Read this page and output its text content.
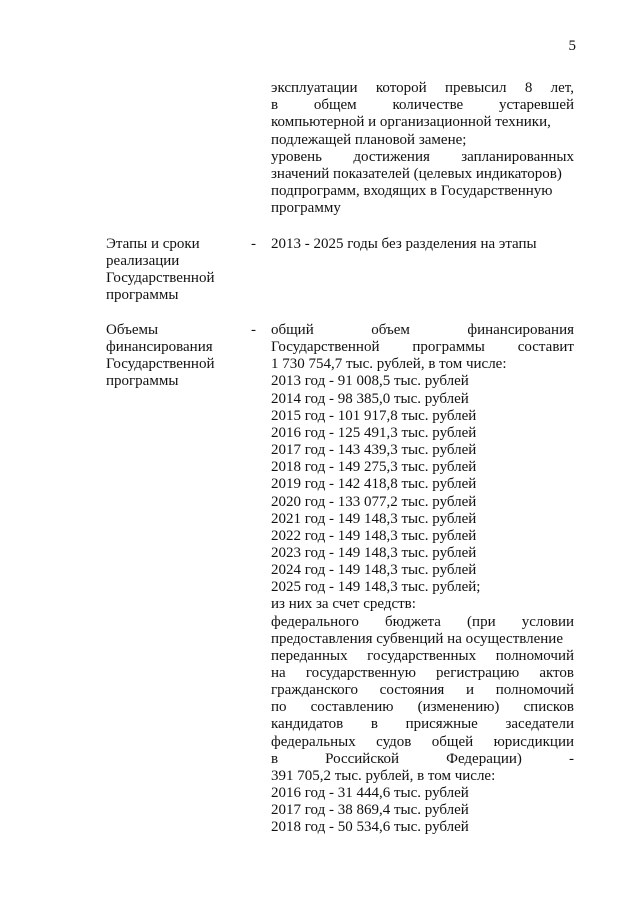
5
эксплуатации которой превысил 8 лет,
в общем количестве устаревшей
компьютерной и организационной техники,
подлежащей плановой замене;
уровень достижения запланированных
значений показателей (целевых индикаторов)
подпрограмм, входящих в Государственную
программу
Этапы и сроки
реализации
Государственной
программы
- 2013 - 2025 годы без разделения на этапы
Объемы
финансирования
Государственной
программы
- общий	объем	финансирования
Государственной программы составит
1 730 754,7 тыс. рублей, в том числе:
2013 год - 91 008,5 тыс. рублей
2014 год - 98 385,0 тыс. рублей
2015 год - 101 917,8 тыс. рублей
2016 год - 125 491,3 тыс. рублей
2017 год - 143 439,3 тыс. рублей
2018 год - 149 275,3 тыс. рублей
2019 год - 142 418,8 тыс. рублей
2020 год - 133 077,2 тыс. рублей
2021 год - 149 148,3 тыс. рублей
2022 год - 149 148,3 тыс. рублей
2023 год - 149 148,3 тыс. рублей
2024 год - 149 148,3 тыс. рублей
2025 год - 149 148,3 тыс. рублей;
из них за счет средств:
федерального бюджета (при условии
предоставления субвенций на осуществление
переданных государственных полномочий
на государственную регистрацию актов
гражданского состояния и полномочий
по составлению (изменению) списков
кандидатов в присяжные заседатели
федеральных судов общей юрисдикции
в	Российской	Федерации)	-
391 705,2 тыс. рублей, в том числе:
2016 год - 31 444,6 тыс. рублей
2017 год - 38 869,4 тыс. рублей
2018 год - 50 534,6 тыс. рублей
